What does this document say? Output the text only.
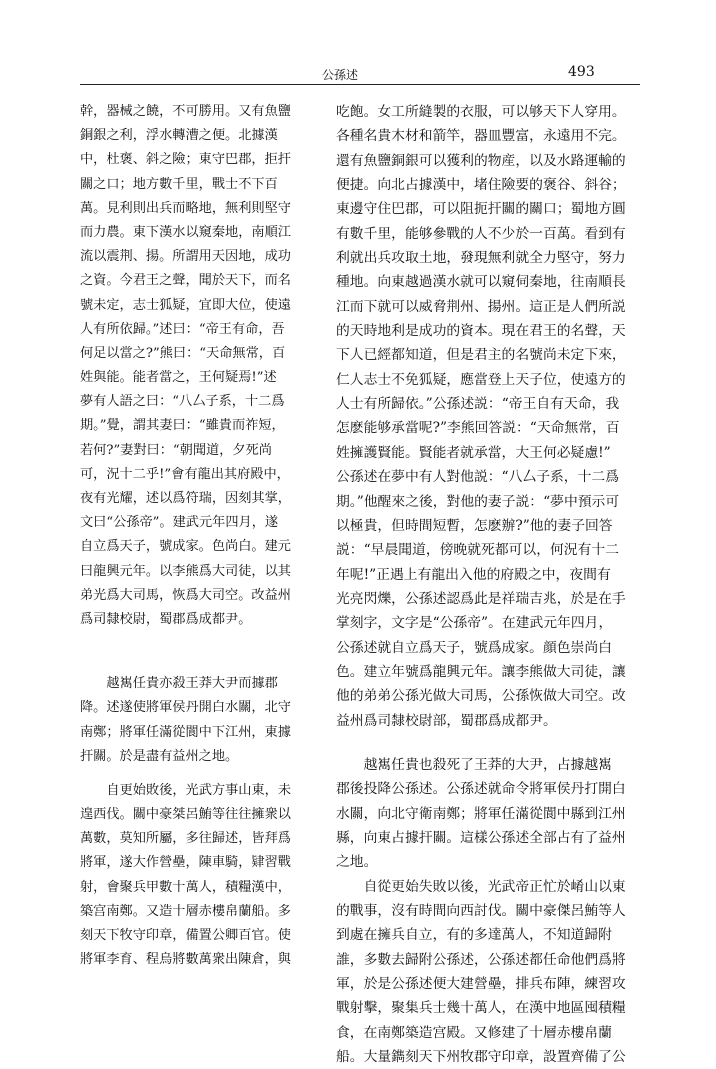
公孫述	493
幹，器械之饒，不可勝用。又有魚鹽
銅銀之利，浮水轉漕之便。北據漢
中，杜褒、斜之險；東守巴郡，拒扞
關之口；地方數千里，戰士不下百
萬。見利則出兵而略地，無利則堅守
而力農。東下漢水以窺秦地，南順江
流以震荆、揚。所謂用天因地，成功
之資。今君王之聲，聞於天下，而名
號未定，志士狐疑，宜即大位，使遠
人有所依歸。”述曰：“帝王有命，吾
何足以當之?”熊曰：“天命無常，百
姓與能。能者當之，王何疑焉!”述
夢有人語之曰：“八厶子系，十二爲
期。”覺，謂其妻曰：“雖貴而祚短，
若何?”妻對曰：“朝聞道，夕死尚
可，況十二乎!”會有龍出其府殿中，
夜有光耀，述以爲符瑞，因刻其掌，
文曰“公孫帝”。建武元年四月，遂
自立爲天子，號成家。色尚白。建元
曰龍興元年。以李熊爲大司徒，以其
弟光爲大司馬，恢爲大司空。改益州
爲司隸校尉，蜀郡爲成都尹。
越嶲任貴亦殺王莽大尹而據郡
降。述遂使將軍侯丹開白水關，北守
南鄭；將軍任滿從閬中下江州，東據
扞關。於是盡有益州之地。
自更始敗後，光武方事山東，未
遑西伐。關中豪桀呂鮪等往往擁衆以
萬數，莫知所屬，多往歸述，皆拜爲
將軍，遂大作營壘，陳車騎，肄習戰
射，會聚兵甲數十萬人，積糧漢中，
築宫南鄭。又造十層赤樓帛蘭船。多
刻天下牧守印章，備置公卿百官。使
將軍李育、程烏將數萬衆出陳倉，與
吃飽。女工所縫製的衣服，可以够天下人穿用。
各種名貴木材和箭竿，器皿豐富，永遠用不完。
還有魚鹽銅銀可以獲利的物産，以及水路運輸的
便捷。向北占據漢中，堵住險要的褒谷、斜谷；
東邊守住巴郡，可以阻扼扞關的關口；蜀地方圓
有數千里，能够參戰的人不少於一百萬。看到有
利就出兵攻取土地，發現無利就全力堅守，努力
種地。向東越過漢水就可以窺伺秦地，往南順長
江而下就可以威脅荆州、揚州。這正是人們所説
的天時地利是成功的資本。現在君王的名聲，天
下人已經都知道，但是君主的名號尚未定下來，
仁人志士不免狐疑，應當登上天子位，使遠方的
人士有所歸依。”公孫述説：“帝王自有天命，我
怎麽能够承當呢?”李熊回答説：“天命無常，百
姓擁護賢能。賢能者就承當，大王何必疑慮!”
公孫述在夢中有人對他説：“八厶子系，十二爲
期。”他醒來之後，對他的妻子説：“夢中預示可
以極貴，但時間短暫，怎麽辦?”他的妻子回答
説：“早晨聞道，傍晚就死都可以，何況有十二
年呢!”正遇上有龍出入他的府殿之中，夜間有
光亮閃爍，公孫述認爲此是祥瑞吉兆，於是在手
掌刻字，文字是“公孫帝”。在建武元年四月，
公孫述就自立爲天子，號爲成家。顔色崇尚白
色。建立年號爲龍興元年。讓李熊做大司徒，讓
他的弟弟公孫光做大司馬，公孫恢做大司空。改
益州爲司隸校尉部，蜀郡爲成都尹。
越嶲任貴也殺死了王莽的大尹，占據越嶲
郡後投降公孫述。公孫述就命令將軍侯丹打開白
水關，向北守衛南鄭；將軍任滿從閬中縣到江州
縣，向東占據扞關。這樣公孫述全部占有了益州
之地。
自從更始失敗以後，光武帝正忙於崤山以東
的戰事，沒有時間向西討伐。關中豪傑呂鮪等人
到處在擁兵自立，有的多達萬人，不知道歸附
誰，多數去歸附公孫述，公孫述都任命他們爲將
軍，於是公孫述便大建營壘，排兵布陣，練習攻
戰射擊，聚集兵士幾十萬人，在漢中地區囤積糧
食，在南鄭築造宫殿。又修建了十層赤樓帛蘭
船。大量鐫刻天下州牧郡守印章，設置齊備了公
